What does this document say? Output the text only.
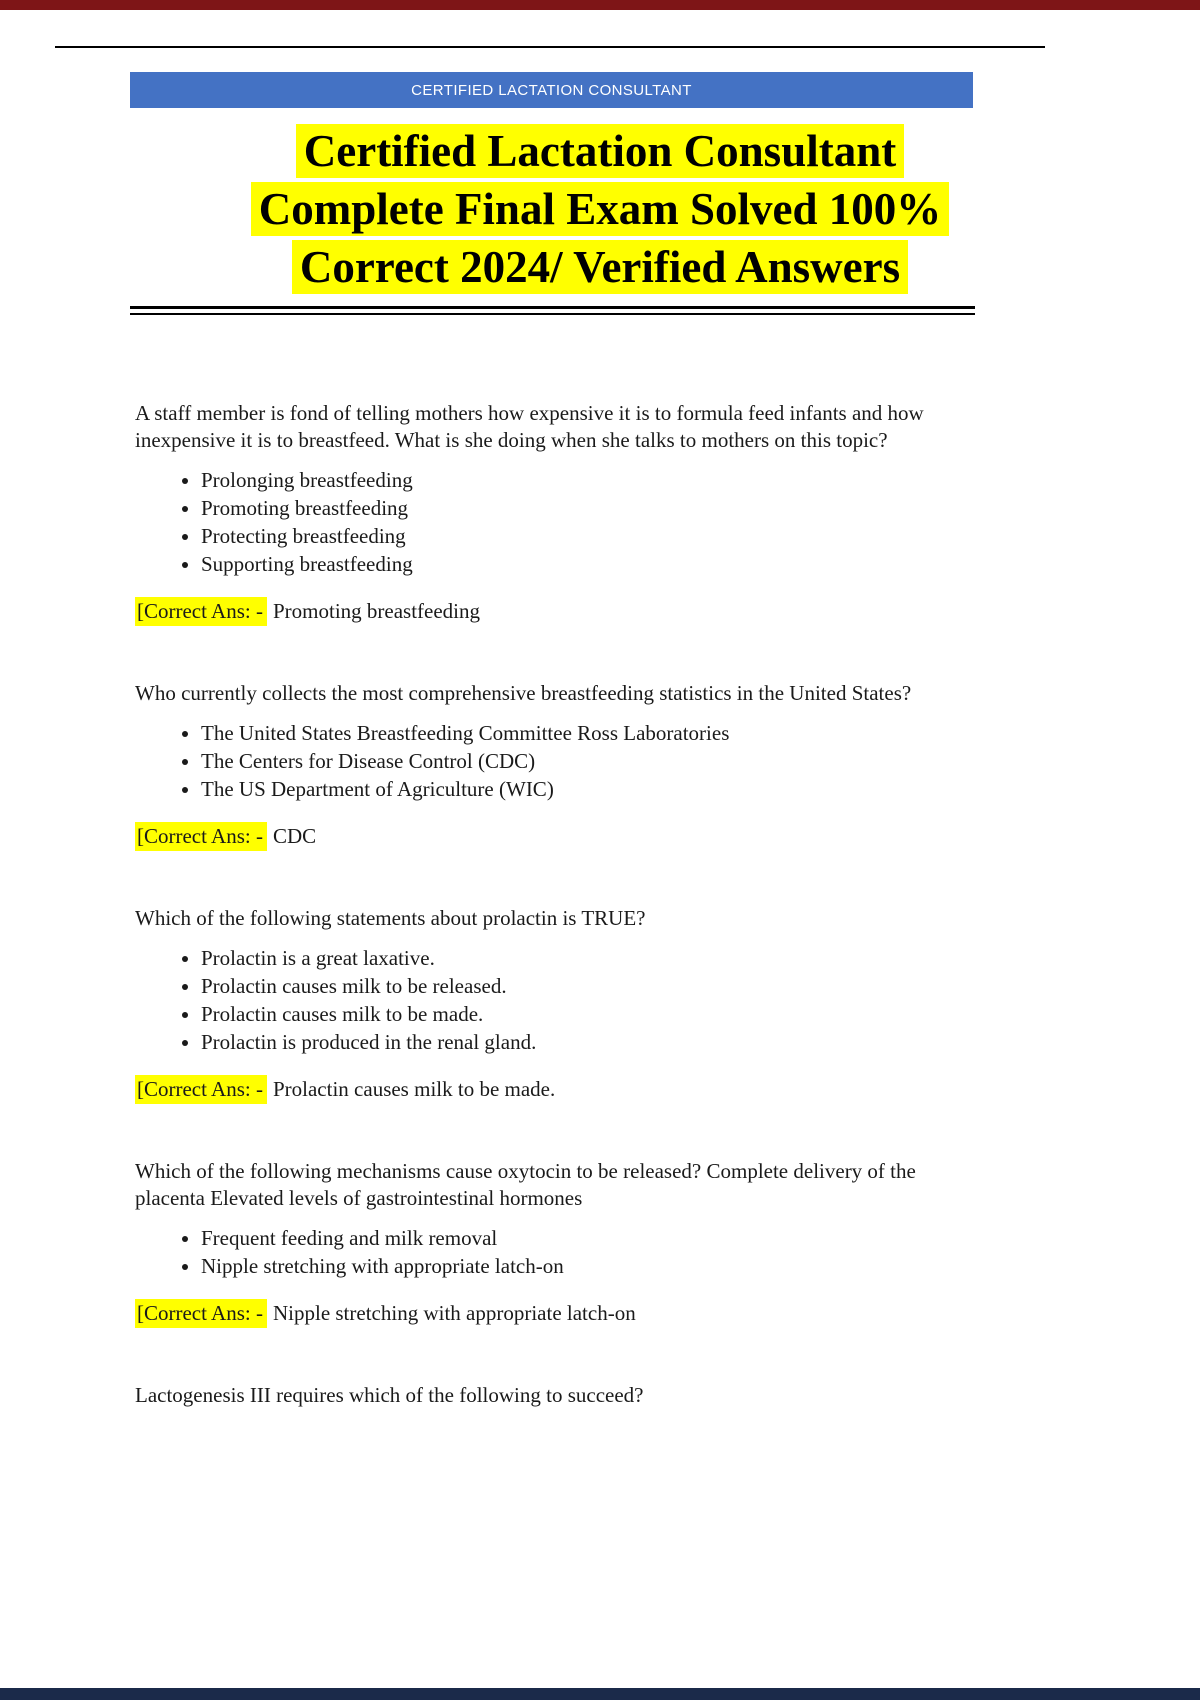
CERTIFIED LACTATION CONSULTANT
Certified Lactation Consultant
Complete Final Exam Solved 100%
Correct 2024/ Verified Answers

A staff member is fond of telling mothers how expensive it is to formula feed infants and how inexpensive it is to breastfeed. What is she doing when she talks to mothers on this topic?

• Prolonging breastfeeding
• Promoting breastfeeding
• Protecting breastfeeding
• Supporting breastfeeding

[Correct Ans: - Promoting breastfeeding

Who currently collects the most comprehensive breastfeeding statistics in the United States?

• The United States Breastfeeding Committee Ross Laboratories
• The Centers for Disease Control (CDC)
• The US Department of Agriculture (WIC)

[Correct Ans: - CDC

Which of the following statements about prolactin is TRUE?

• Prolactin is a great laxative.
• Prolactin causes milk to be released.
• Prolactin causes milk to be made.
• Prolactin is produced in the renal gland.

[Correct Ans: - Prolactin causes milk to be made.

Which of the following mechanisms cause oxytocin to be released? Complete delivery of the placenta Elevated levels of gastrointestinal hormones

• Frequent feeding and milk removal
• Nipple stretching with appropriate latch-on

[Correct Ans: - Nipple stretching with appropriate latch-on

Lactogenesis III requires which of the following to succeed?
